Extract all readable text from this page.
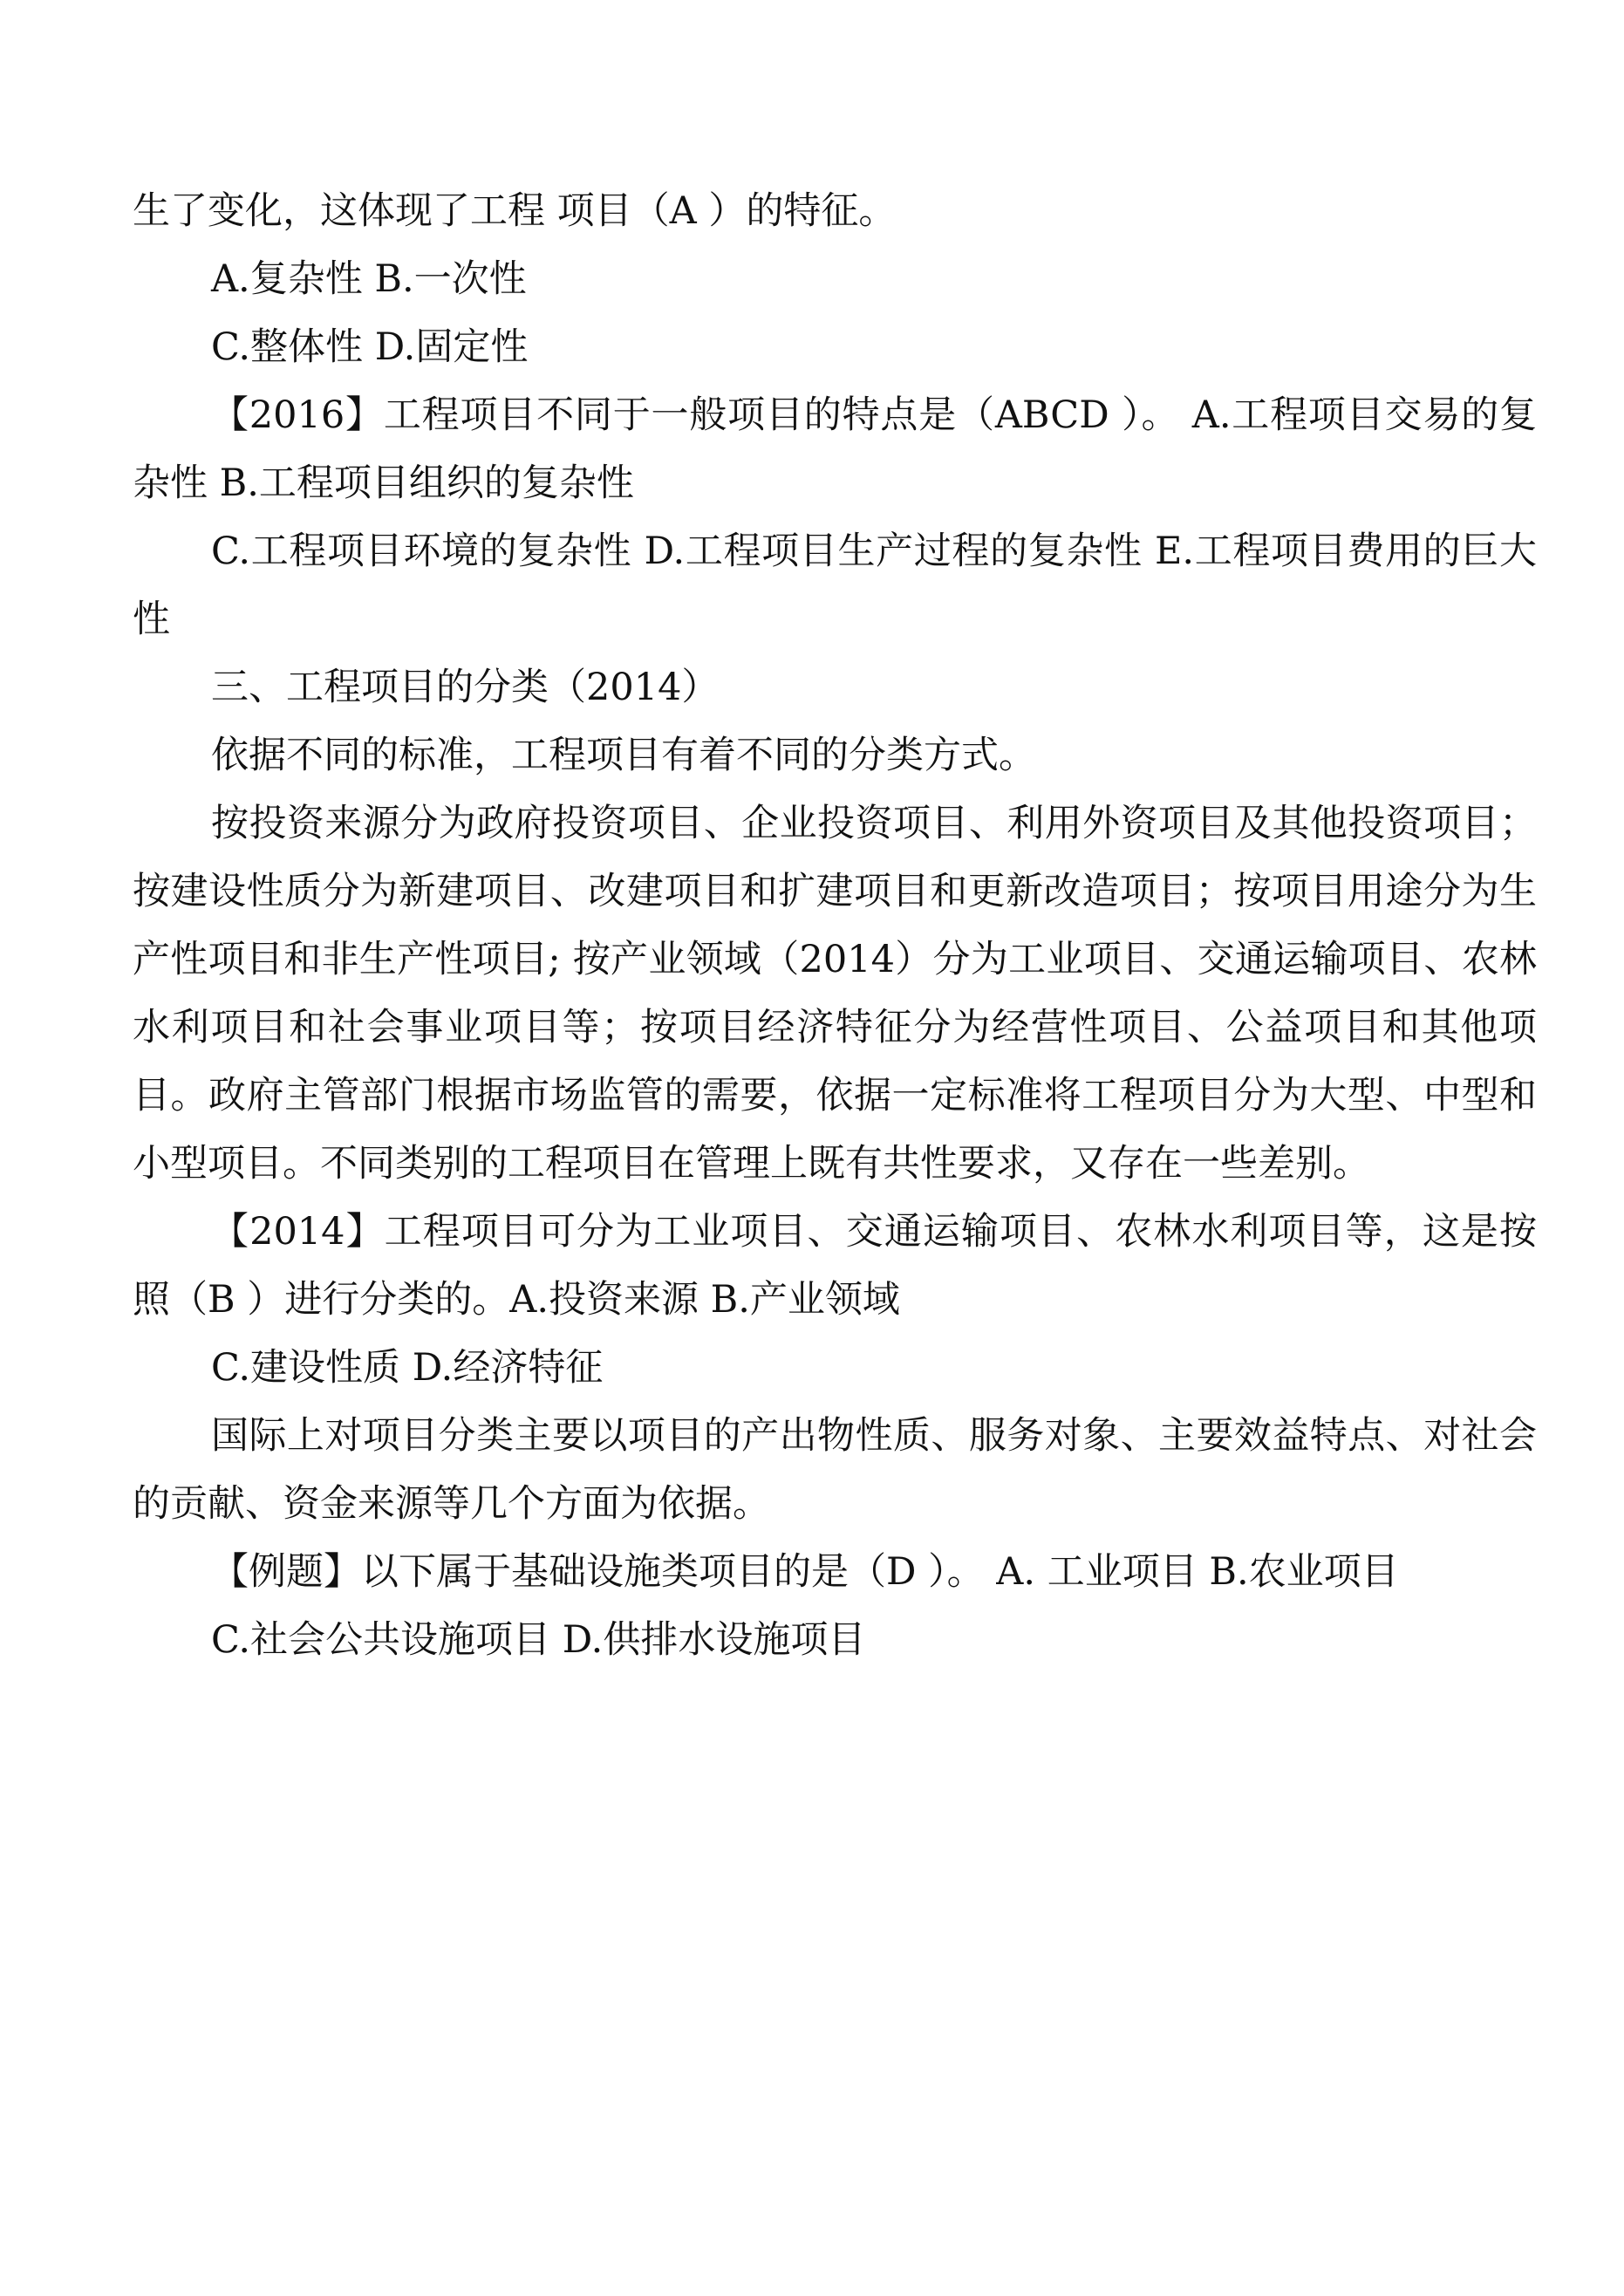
生了变化，这体现了工程 项目（A ）的特征。

A.复杂性 B.一次性

C.整体性 D.固定性

【2016】工程项目不同于一般项目的特点是（ABCD ）。 A.工程项目交易的复杂性 B.工程项目组织的复杂性

C.工程项目环境的复杂性 D.工程项目生产过程的复杂性 E.工程项目费用的巨大性

三、工程项目的分类（2014）

依据不同的标准，工程项目有着不同的分类方式。

按投资来源分为政府投资项目、企业投资项目、利用外资项目及其他投资项目；按建设性质分为新建项目、改建项目和扩建项目和更新改造项目；按项目用途分为生产性项目和非生产性项目; 按产业领域（2014）分为工业项目、交通运输项目、农林水利项目和社会事业项目等；按项目经济特征分为经营性项目、公益项目和其他项目。政府主管部门根据市场监管的需要，依据一定标准将工程项目分为大型、中型和小型项目。不同类别的工程项目在管理上既有共性要求，又存在一些差别。

【2014】工程项目可分为工业项目、交通运输项目、农林水利项目等，这是按照（B ）进行分类的。A.投资来源 B.产业领域

C.建设性质 D.经济特征

国际上对项目分类主要以项目的产出物性质、服务对象、主要效益特点、对社会的贡献、资金来源等几个方面为依据。

【例题】以下属于基础设施类项目的是（D ）。 A. 工业项目 B.农业项目

C.社会公共设施项目 D.供排水设施项目
